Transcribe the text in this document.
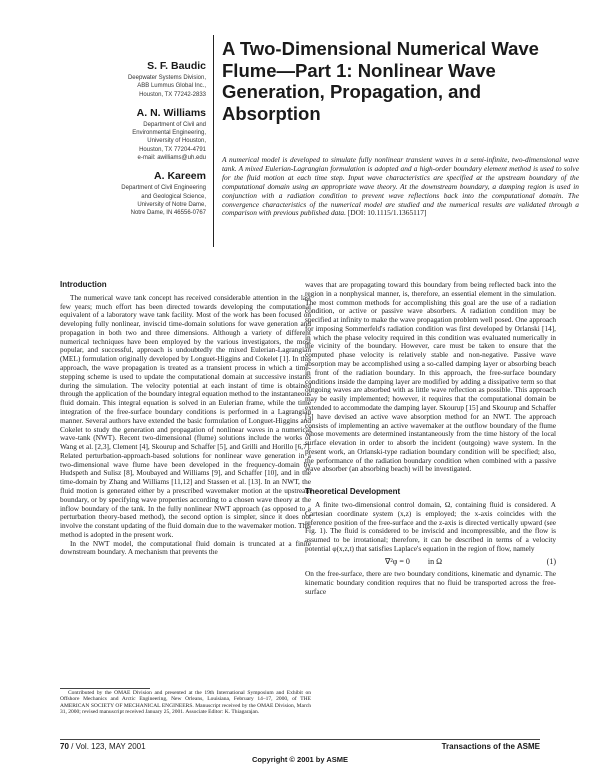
S. F. Baudic
Deepwater Systems Division,
ABB Lummus Global Inc.,
Houston, TX 77242-2833
A. N. Williams
Department of Civil and
Environmental Engineering,
University of Houston,
Houston, TX 77204-4791
e-mail: awilliams@uh.edu
A. Kareem
Department of Civil Engineering
and Geological Science,
University of Notre Dame,
Notre Dame, IN 46556-0767
A Two-Dimensional Numerical Wave Flume—Part 1: Nonlinear Wave Generation, Propagation, and Absorption

A numerical model is developed to simulate fully nonlinear transient waves in a semi-infinite, two-dimensional wave tank. A mixed Eulerian-Lagrangian formulation is adopted and a high-order boundary element method is used to solve for the fluid motion at each time step. Input wave characteristics are specified at the upstream boundary of the computational domain using an appropriate wave theory. At the downstream boundary, a damping region is used in conjunction with a radiation condition to prevent wave reflections back into the computational domain. The convergence characteristics of the numerical model are studied and the numerical results are validated through a comparison with previous published data. [DOI: 10.1115/1.1365117]

Introduction

The numerical wave tank concept has received considerable attention in the last few years; much effort has been directed towards developing the computational equivalent of a laboratory wave tank facility. Most of the work has been focused on developing fully nonlinear, inviscid time-domain solutions for wave generation and propagation in both two and three dimensions. Although a variety of different numerical techniques have been employed by the various investigators, the most popular, and successful, approach is undoubtedly the mixed Eulerian-Lagrangian (MEL) formulation originally developed by Longuet-Higgins and Cokelet [1]. In this approach, the wave propagation is treated as a transient process in which a time-stepping scheme is used to update the computational domain at successive instants during the simulation. The velocity potential at each instant of time is obtained through the application of the boundary integral equation method to the instantaneous fluid domain. This integral equation is solved in an Eulerian frame, while the time integration of the free-surface boundary conditions is performed in a Lagrangian manner. Several authors have extended the basic formulation of Longuet-Higgins and Cokelet to study the generation and propagation of nonlinear waves in a numerical wave-tank (NWT). Recent two-dimensional (flume) solutions include the works of Wang et al. [2,3], Clement [4], Skourup and Schaffer [5], and Grilli and Horillo [6,7]. Related perturbation-approach-based solutions for nonlinear wave generation in a two-dimensional wave flume have been developed in the frequency-domain by Hudspeth and Sulisz [8], Moubayed and Williams [9], and Schaffer [10], and in the time-domain by Zhang and Williams [11,12] and Stassen et al. [13]. In an NWT, the fluid motion is generated either by a prescribed wavemaker motion at the upstream boundary, or by specifying wave properties according to a chosen wave theory at the inflow boundary of the tank. In the fully nonlinear NWT approach (as opposed to a perturbation theory-based method), the second option is simpler, since it does not involve the constant updating of the fluid domain due to the wavemaker motion. This method is adopted in the present work.

In the NWT model, the computational fluid domain is truncated at a finite downstream boundary. A mechanism that prevents the

waves that are propagating toward this boundary from being reflected back into the region in a nonphysical manner, is, therefore, an essential element in the simulation. The most common methods for accomplishing this goal are the use of a radiation condition, or active or passive wave absorbers. A radiation condition may be specified at infinity to make the wave propagation problem well posed. One approach for imposing Sommerfeld's radiation condition was first developed by Orlanski [14], in which the phase velocity required in this condition was evaluated numerically in the vicinity of the boundary. However, care must be taken to ensure that the computed phase velocity is relatively stable and non-negative. Passive wave absorption may be accomplished using a so-called damping layer or absorbing beach in front of the radiation boundary. In this approach, the free-surface boundary conditions inside the damping layer are modified by adding a dissipative term so that outgoing waves are absorbed with as little wave reflection as possible. This approach may be easily implemented; however, it requires that the computational domain be extended to accommodate the damping layer. Skourup [15] and Skourup and Schaffer [5] have devised an active wave absorption method for an NWT. The approach consists of implementing an active wavemaker at the outflow boundary of the flume whose movements are determined instantaneously from the time history of the local surface elevation in order to absorb the incident (outgoing) wave system. In the present work, an Orlanski-type radiation boundary condition will be specified; also, the performance of the radiation boundary condition when combined with a passive wave absorber (an absorbing beach) will be investigated.

Theoretical Development

A finite two-dimensional control domain, Ω, containing fluid is considered. A Cartesian coordinate system (x,z) is employed; the x-axis coincides with the reference position of the free-surface and the z-axis is directed vertically upward (see Fig. 1). The fluid is considered to be inviscid and incompressible, and the flow is assumed to be irrotational; therefore, it can be described in terms of a velocity potential φ(x,z,t) that satisfies Laplace's equation in the region of flow, namely

∇²φ = 0 in Ω	(1)

On the free-surface, there are two boundary conditions, kinematic and dynamic. The kinematic boundary condition requires that no fluid be transported across the free-surface

Contributed by the OMAE Division and presented at the 19th International Symposium and Exhibit on Offshore Mechanics and Arctic Engineering, New Orleans, Louisiana, February 14–17, 2000, of THE AMERICAN SOCIETY OF MECHANICAL ENGINEERS. Manuscript received by the OMAE Division, March 31, 2000; revised manuscript received January 25, 2001. Associate Editor: K. Thiagarajan.

70 / Vol. 123, MAY 2001	Transactions of the ASME
Copyright © 2001 by ASME
